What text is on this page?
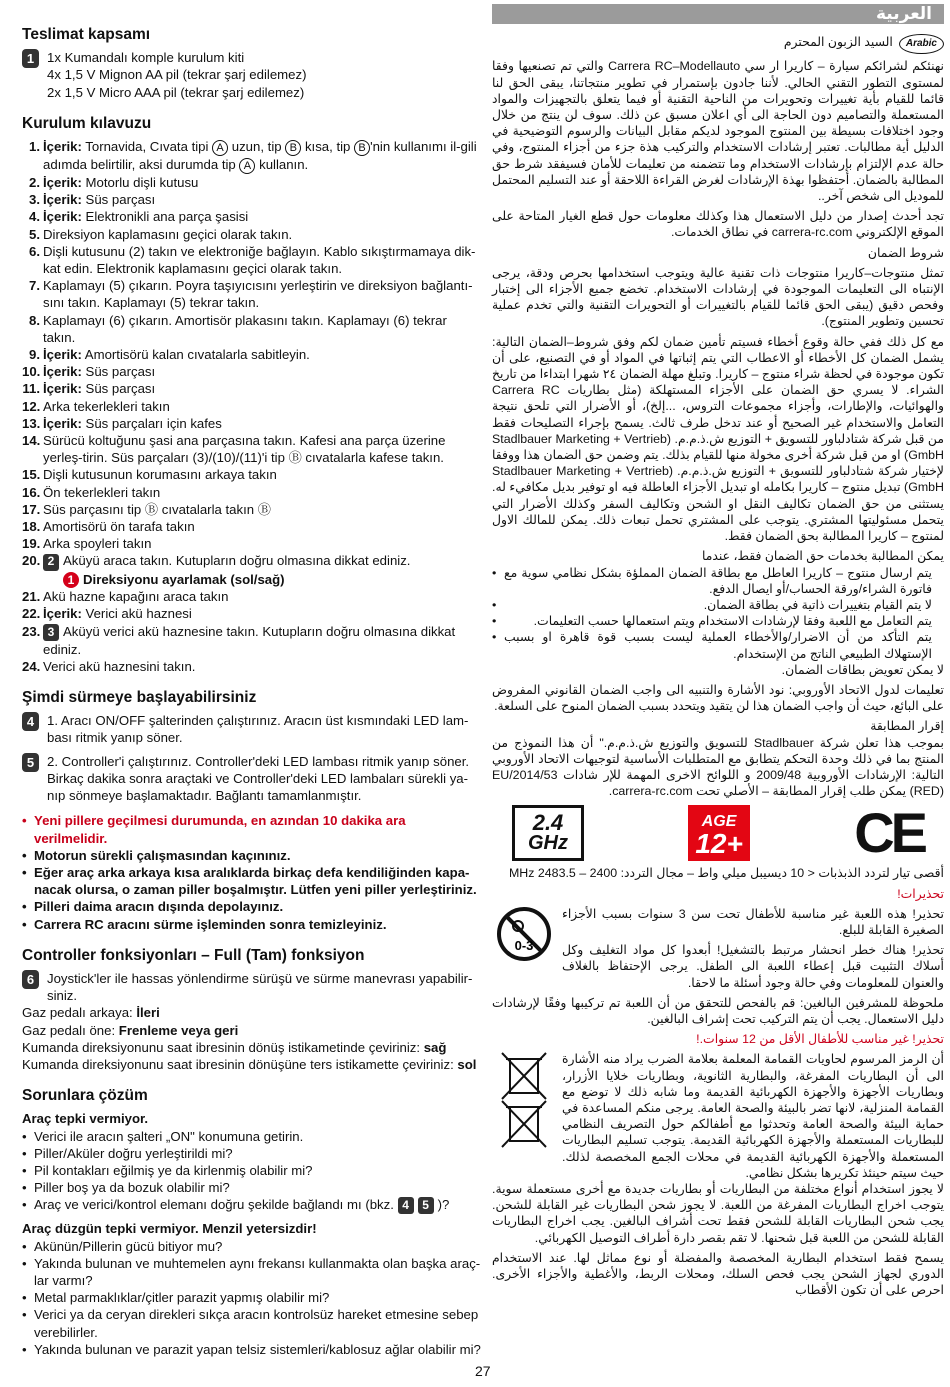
Teslimat kapsamı
1 1x Kumandalı komple kurulum kiti
4x 1,5 V Mignon AA pil (tekrar şarj edilemez)
2x 1,5 V Micro AAA pil (tekrar şarj edilemez)
Kurulum kılavuzu
1. İçerik: Tornavida, Cıvata tipi A uzun, tip B kısa, tip B 'nin kullanımı il-gili adımda belirtilir, aksi durumda tip A kullanın.
2. İçerik: Motorlu dişli kutusu
3. İçerik: Süs parçası
4. İçerik: Elektronikli ana parça şasisi
5. Direksiyon kaplamasını geçici olarak takın.
6. Dişli kutusunu (2) takın ve elektroniğe bağlayın. Kablo sıkıştırmamaya dik-kat edin. Elektronik kaplamasını geçici olarak takın.
7. Kaplamayı (5) çıkarın. Poyra taşıyıcısını yerleştirin ve direksiyon bağlantı-sını takın. Kaplamayı (5) tekrar takın.
8. Kaplamayı (6) çıkarın. Amortisör plakasını takın. Kaplamayı (6) tekrar takın.
9. İçerik: Amortisörü kalan cıvatalarla sabitleyin.
10. İçerik: Süs parçası
11. İçerik: Süs parçası
12. Arka tekerlekleri takın
13. İçerik: Süs parçaları için kafes
14. Sürücü koltuğunu şasi ana parçasına takın. Kafesi ana parça üzerine yerleş-tirin. Süs parçaları (3)/(10)/(11)'i tip Ⓑ cıvatalarla kafese takın.
15. Dişli kutusunun korumasını arkaya takın
16. Ön tekerlekleri takın
17. Süs parçasını tip Ⓑ cıvatalarla takın Ⓑ
18. Amortisörü ön tarafa takın
19. Arka spoyleri takın
20. 2 Aküyü araca takın. Kutupların doğru olmasına dikkat ediniz.
1 Direksiyonu ayarlamak (sol/sağ)
21. Akü hazne kapağını araca takın
22. İçerik: Verici akü haznesi
23. 3 Aküyü verici akü haznesine takın. Kutupların doğru olmasına dikkat ediniz.
24. Verici akü haznesini takın.
Şimdi sürmeye başlayabilirsiniz
4 1. Aracı ON/OFF şalterinden çalıştırınız. Aracın üst kısmındaki LED lam-bası ritmik yanıp söner.
5 2. Controller'i çalıştırınız. Controller'deki LED lambası ritmik yanıp söner. Birkaç dakika sonra araçtaki ve Controller'deki LED lambaları sürekli ya-nıp sönmeye başlamaktadır. Bağlantı tamamlanmıştır.
• Yeni pillere geçilmesi durumunda, en azından 10 dakika ara verilmelidir.
• Motorun sürekli çalışmasından kaçınınız.
• Eğer araç arka arkaya kısa aralıklarda birkaç defa kendiliğinden kapa-nacak olursa, o zaman piller boşalmıştır. Lütfen yeni piller yerleştiriniz.
• Pilleri daima aracın dışında depolayınız.
• Carrera RC aracını sürme işleminden sonra temizleyiniz.
Controller fonksiyonları – Full (Tam) fonksiyon
6 Joystick'ler ile hassas yönlendirme sürüşü ve sürme manevrası yapabilir-siniz.
Gaz pedalı arkaya: İleri
Gaz pedalı öne: Frenleme veya geri
Kumanda direksiyonunu saat ibresinin dönüş istikametinde çeviriniz: sağ
Kumanda direksiyonunu saat ibresinin dönüşüne ters istikamette çeviriniz: sol
Sorunlara çözüm
Araç tepki vermiyor.
• Verici ile aracın şalteri „ON" konumuna getirin.
• Piller/Aküler doğru yerleştirildi mi?
• Pil kontakları eğilmiş ye da kirlenmiş olabilir mi?
• Piller boş ya da bozuk olabilir mi?
• Araç ve verici/kontrol elemanı doğru şekilde bağlandı mı (bkz. 4 5 )?
Araç düzgün tepki vermiyor. Menzil yetersizdir!
• Akünün/Pillerin gücü bitiyor mu?
• Yakında bulunan ve muhtemelen aynı frekansı kullanmakta olan başka araç-lar varmı?
• Metal parmaklıklar/çitler parazit yapmış olabilir mi?
• Verici ya da ceryan direkleri sıkça aracın kontrolsüz hareket etmesine sebep verebilirler.
• Yakında bulunan ve parazit yapan telsiz sistemleri/kablosuz ağlar olabilir mi?
العربية

Arabicالسيد الزبون المحترم

نهنئكم لشرائكم سيارة – كاريرا ار سي Carrera RC–Modellauto والتي تم تصنعيها وفقا لمستوى التطور التقني الحالي. لأننا جادون بإستمرار في تطوير منتجاتنا، يبقى الحق لنا قائما للقيام بأية تغييرات وتحويرات من الناحية التقنية أو فيما يتعلق بالتجهيزات والمواد المستعملة والتصاميم دون الحاجة الى أي اعلان مسبق عن ذلك. سوف لن ينتج من خلال وجود اختلافات بسيطة بين المنتوج الموجود لديكم مقابل البيانات والرسوم التوضيحية في الدليل أية مطالبات. تعتبر إرشادات الاستخدام والتركيب هذة جزء من أجزاء المنتوج، وفي حالة عدم الإلتزام بإرشادات الاستخدام وما تتضمنه من تعليمات للأمان فسيفقد شرط حق المطالبة بالضمان. أحتفظوا بهذة الإرشادات لغرض القراءة اللاحقة أو عند التسليم المحتمل للموديل الى شخص آخر..

تجد أحدث إصدار من دليل الاستعمال هذا وكذلك معلومات حول قطع الغيار المتاحة على الموقع الإلكتروني carrera-rc.com في نطاق الخدمات.

شروط الضمان

تمثل منتوجات–كاريرا منتوجات ذات تقنية عالية ويتوجب استخدامها بحرص ودقة، يرجى الإنتباه الى التعليمات الموجودة في إرشادات الاستخدام. تخضع جميع الأجزاء الى إختبار وفحص دقيق (يبقى الحق قائما للقيام بالتغييرات أو التحويرات التقنية والتي تخدم عملية تحسين وتطوير المنتوج).

مع كل ذلك ففي حالة وقوع أخطاء فسيتم تأمين ضمان لكم وفق شروط–الضمان التالية: يشمل الضمان كل الأخطاء أو الاعطاب التي يتم إثباتها في المواد أو في التصنيع، على أن تكون موجودة في لحظة شراء منتوج – كاريرا. وتبلغ مهلة الضمان ٢٤ شهرا ابتداءا من تاريخ الشراء. لا يسري حق الضمان على الأجزاء المستهلكة (مثل بطاريات Carrera RC والهوائيات، والإطارات، وأجزاء مجموعات التروس، ...إلخ)، أو الأضرار التي تلحق نتيجة التعامل والاستخدام غير الصحيح أو عند تدخل طرف ثالث. يسمح بإجراء التصليحات فقط من قبل شركة شتادلباور للتسويق + التوزيع ش.ذ.م.م. (Stadlbauer Marketing + Vertrieb GmbH) او من قبل شركة أخرى مخولة منها للقيام بذلك. يتم وضمن حق الضمان هذا ووفقا لإختيار شركة شتادلباور للتسويق + التوزيع ش.ذ.م.م. (Stadlbauer Marketing + Vertrieb GmbH) تبديل منتوج – كاريرا بكامله او تبديل الأجزاء العاطلة فيه او توفير بديل مكافيء له. يستثنى من حق الضمان تكاليف النقل او الشحن وتكاليف السفر وكذلك الأضرار التي يتحمل مسئوليتها المشتري. يتوجب على المشتري تحمل تبعات ذلك. يمكن للمالك الاول لمنتوج – كاريرا المطالبة بحق الضمان فقط.

يمكن المطالبة بخدمات حق الضمان فقط، عندما

• يتم ارسال منتوج – كاريرا العاطل مع بطاقة الضمان المملؤة بشكل نظامي سوية مع فاتورة الشراء/ورقة الحساب/أو ايصال الدفع.
• لا يتم القيام بتغييرات ذاتية في بطاقة الضمان.
• يتم التعامل مع اللعبة وفقا لإرشادات الاستخدام ويتم استعمالها حسب التعليمات.
• يتم التأكد من أن الاضرار/والأخطاء العملية ليست بسبب قوة قاهرة او بسبب الإستهلاك الطبيعي الناتج من الإستخدام.

لا يمكن تعويض بطاقات الضمان.

تعليمات لدول الاتحاد الأوروبي: نود الأشارة والتنبيه الى واجب الضمان القانوني المفروض على البائع، حيث أن واجب الضمان هذا لن يتقيد ويتحدد بسبب الضمان المنوح على السلعة.

إقرار المطابقة

بموجب هذا تعلن شركة Stadlbauer للتسويق والتوزيع ش.ذ.م.م." أن هذا النموذج من المنتج بما في ذلك وحدة التحكم يتطابق مع المتطلبات الأساسية لتوجيهات الاتحاد الأوروبي التالية: الإرشادات الأوروبية 2009/48 و اللوائح الاخرى المهمة للإر شادات 2014/53/EU (RED) يمكن طلب إقرار المطابقة – الأصلي تحت carrera-rc.com.

2.4
GHz
AGE
12+ CE

أقصى تيار لتردد الذبذبات < 10 ديسيبل ميلي واط – مجال التردد: 2400 – 2483.5 MHz

تحذيرات!

تحذير! هذه اللعبة غير مناسبة للأطفال تحت سن 3 سنوات بسبب الأجزاء الصغيرة القابلة للبلع.

تحذير! هناك خطر انحشار مرتبط بالتشغيل! أبعدوا كل مواد التغليف وكل أسلاك التثبيت قبل إعطاء اللعبة الى الطفل. يرجى الإحتفاظ بالغلاف والعنوان للمعلومات وفي حالة وجود أسئلة ما لاحقا.

0-3

ملحوظة للمشرفين البالغين: قم بالفحص للتحقق من أن اللعبة تم تركيبها وفقًا لإرشادات دليل الاستعمال. يجب أن يتم التركيب تحت إشراف البالغين.

تحذير! غير مناسب للأطفال الأقل من 12 سنوات.!

أن الرمز المرسوم لحاويات القمامة المعلمة بعلامة الضرب يراد منه الأشارة الى أن البطاريات المفرغة، والبطارية الثانوية، وبطاريات خلايا الأزرار، وبطاريات الأجهزة والأجهزة الكهربائية القديمة وما شابه ذلك لا توضع مع القمامة المنزلية، لانها تضر بالبيئة والصحة العامة. يرجى منكم المساعدة في حماية البيئة والصحة العامة وتحدثوا مع أطفالكم حول التصريف النظامي للبطاريات المستعملة والأجهزة الكهربائية القديمة. يتوجب تسليم البطاريات المستعملة والأجهزة الكهربائية القديمة في محلات الجمع المخصصة لذلك. حيث سيتم حينئذ تكريرها بشكل نظامي.

لا يجوز استخدام أنواع مختلفة من البطاريات أو بطاريات جديدة مع أخرى مستعملة سوية. يتوجب اخراج البطاريات المفرغة من اللعبة. لا يجوز شحن البطاريات غير القابلة للشحن. يجب شحن البطاريات القابلة للشحن فقط تحت أشراف البالغين. يجب اخراج البطاريات القابلة للشحن من اللعبة قبل شحنها. لا تقم بقصر دارة أطراف التوصيل الكهربائي.

يسمح فقط استخدام البطارية المخصصة والمفضلة أو نوع مماثل لها. عند الاستخدام الدوري لجهاز الشحن يجب فحص السلك، ومحلات الربط، والأغطية والأجزاء الأخرى. احرص على أن تكون الأقطاب

27
